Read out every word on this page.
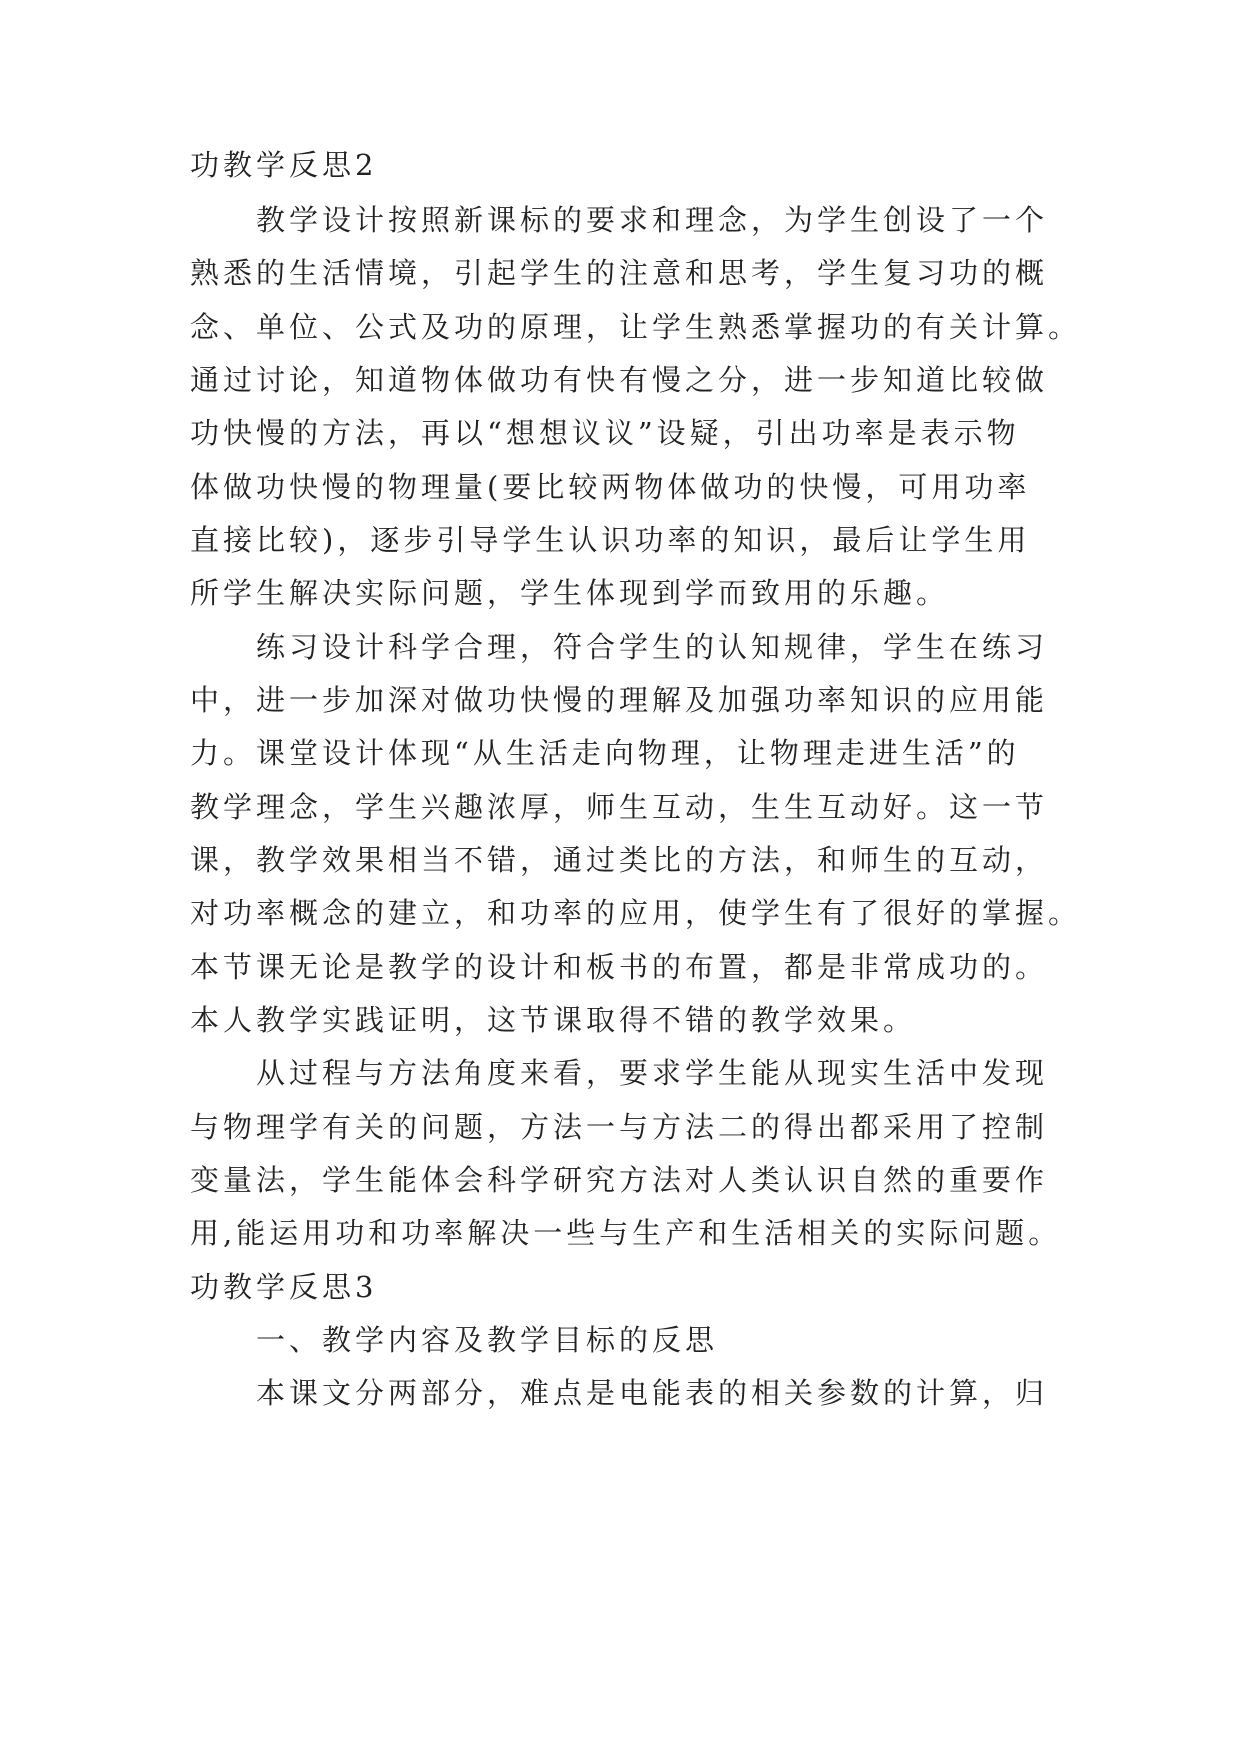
功教学反思2

教学设计按照新课标的要求和理念，为学生创设了一个

熟悉的生活情境，引起学生的注意和思考，学生复习功的概

念、单位、公式及功的原理，让学生熟悉掌握功的有关计算。

通过讨论，知道物体做功有快有慢之分，进一步知道比较做

功快慢的方法，再以“想想议议”设疑，引出功率是表示物

体做功快慢的物理量(要比较两物体做功的快慢，可用功率

直接比较)，逐步引导学生认识功率的知识，最后让学生用

所学生解决实际问题，学生体现到学而致用的乐趣。

练习设计科学合理，符合学生的认知规律，学生在练习

中，进一步加深对做功快慢的理解及加强功率知识的应用能

力。课堂设计体现“从生活走向物理，让物理走进生活”的

教学理念，学生兴趣浓厚，师生互动，生生互动好。这一节

课，教学效果相当不错，通过类比的方法，和师生的互动，

对功率概念的建立，和功率的应用，使学生有了很好的掌握。

本节课无论是教学的设计和板书的布置，都是非常成功的。

本人教学实践证明，这节课取得不错的教学效果。

从过程与方法角度来看，要求学生能从现实生活中发现

与物理学有关的问题，方法一与方法二的得出都采用了控制

变量法，学生能体会科学研究方法对人类认识自然的重要作

用,能运用功和功率解决一些与生产和生活相关的实际问题。

功教学反思3

一、教学内容及教学目标的反思

本课文分两部分，难点是电能表的相关参数的计算，归
